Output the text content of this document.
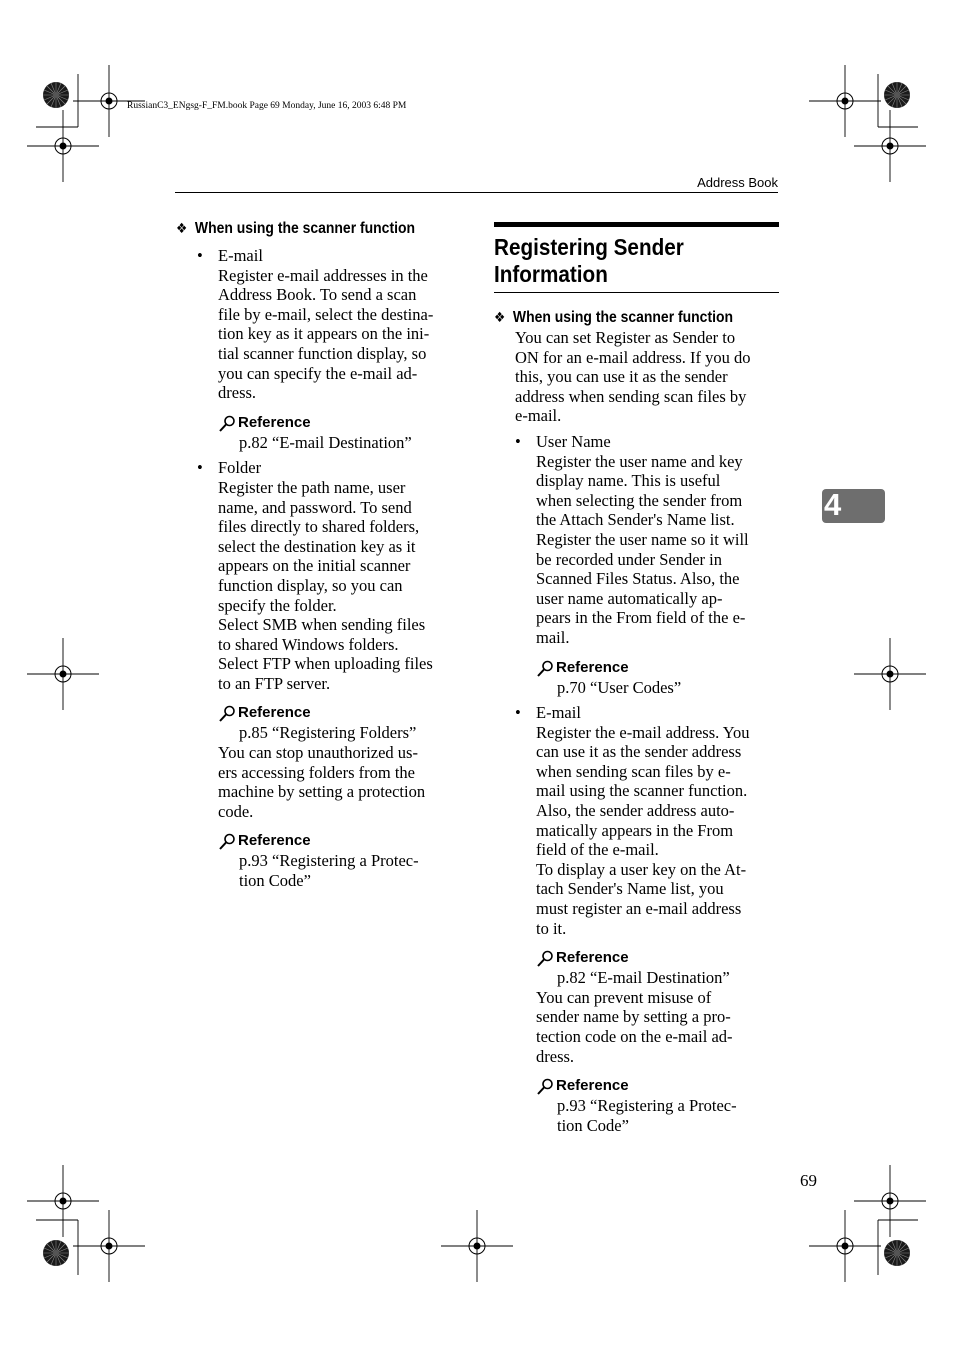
RussianC3_ENgsg-F_FM.book Page 69 Monday, June 16, 2003 6:48 PM
Address Book
❖ When using the scanner function
• E-mail
Register e-mail addresses in the
Address Book. To send a scan
file by e-mail, select the destina-
tion key as it appears on the ini-
tial scanner function display, so
you can specify the e-mail ad-
dress.
Reference
p.82 “E-mail Destination”
• Folder
Register the path name, user
name, and password. To send
files directly to shared folders,
select the destination key as it
appears on the initial scanner
function display, so you can
specify the folder.
Select SMB when sending files
to shared Windows folders.
Select FTP when uploading files
to an FTP server.
Reference
p.85 “Registering Folders”
You can stop unauthorized us-
ers accessing folders from the
machine by setting a protection
code.
Reference
p.93 “Registering a Protec-
tion Code”
Registering Sender
Information
❖ When using the scanner function
You can set Register as Sender to
ON for an e-mail address. If you do
this, you can use it as the sender
address when sending scan files by
e-mail.
• User Name
Register the user name and key
display name. This is useful
when selecting the sender from
the Attach Sender's Name list.
Register the user name so it will
be recorded under Sender in
Scanned Files Status. Also, the
user name automatically ap-
pears in the From field of the e-
mail.
Reference
p.70 “User Codes”
• E-mail
Register the e-mail address. You
can use it as the sender address
when sending scan files by e-
mail using the scanner function.
Also, the sender address auto-
matically appears in the From
field of the e-mail.
To display a user key on the At-
tach Sender's Name list, you
must register an e-mail address
to it.
Reference
p.82 “E-mail Destination”
You can prevent misuse of
sender name by setting a pro-
tection code on the e-mail ad-
dress.
Reference
p.93 “Registering a Protec-
tion Code”
4
69
